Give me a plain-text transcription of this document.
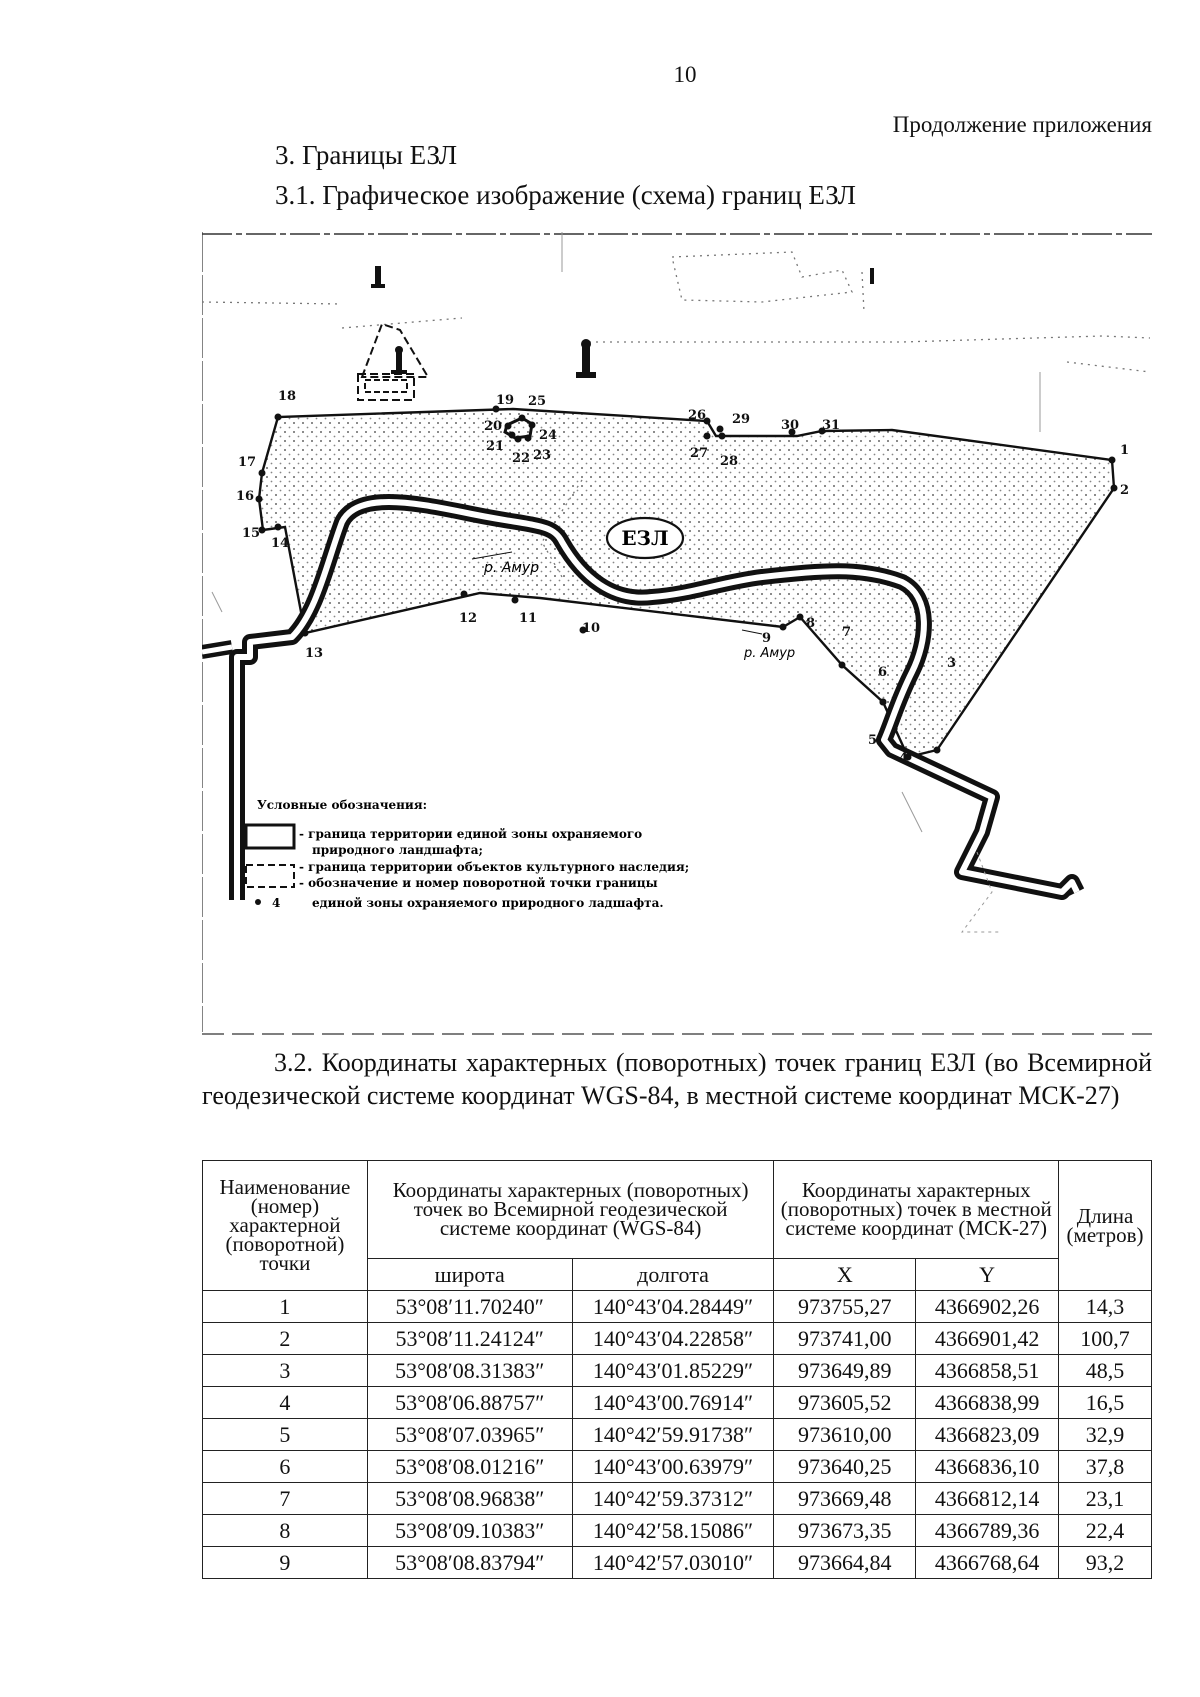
10
Продолжение приложения
3. Границы ЕЗЛ
3.1. Графическое изображение (схема) границ ЕЗЛ
1
2
3
4
5
6
7
8
9
10
11
12
13
14
15
16
17
18	19
20
21
22 23
24
25
26
27
28
29 30 31
ЕЗЛ
р. Амур
р. Амур
Условные обозначения:
- граница территории единой зоны охраняемого
природного ландшафта;
- граница территории объектов культурного наследия;
- обозначение и номер поворотной точки границы
4	единой зоны охраняемого природного ладшафта.
3.2. Координаты характерных (поворотных) точек границ ЕЗЛ (во Всемирной геодезической системе координат WGS-84, в местной системе координат МСК-27)
Наименование (номер) характерной (поворотной) точки	Координаты характерных (поворотных) точек во Всемирной геодезической системе координат (WGS-84)		Координаты характерных (поворотных) точек в местной системе координат (МСК-27)		Длина (метров)
	широта	долгота	X	Y	
1	53°08′11.70240″	140°43′04.28449″	973755,27	4366902,26	14,3
2	53°08′11.24124″	140°43′04.22858″	973741,00	4366901,42	100,7
3	53°08′08.31383″	140°43′01.85229″	973649,89	4366858,51	48,5
4	53°08′06.88757″	140°43′00.76914″	973605,52	4366838,99	16,5
5	53°08′07.03965″	140°42′59.91738″	973610,00	4366823,09	32,9
6	53°08′08.01216″	140°43′00.63979″	973640,25	4366836,10	37,8
7	53°08′08.96838″	140°42′59.37312″	973669,48	4366812,14	23,1
8	53°08′09.10383″	140°42′58.15086″	973673,35	4366789,36	22,4
9	53°08′08.83794″	140°42′57.03010″	973664,84	4366768,64	93,2
